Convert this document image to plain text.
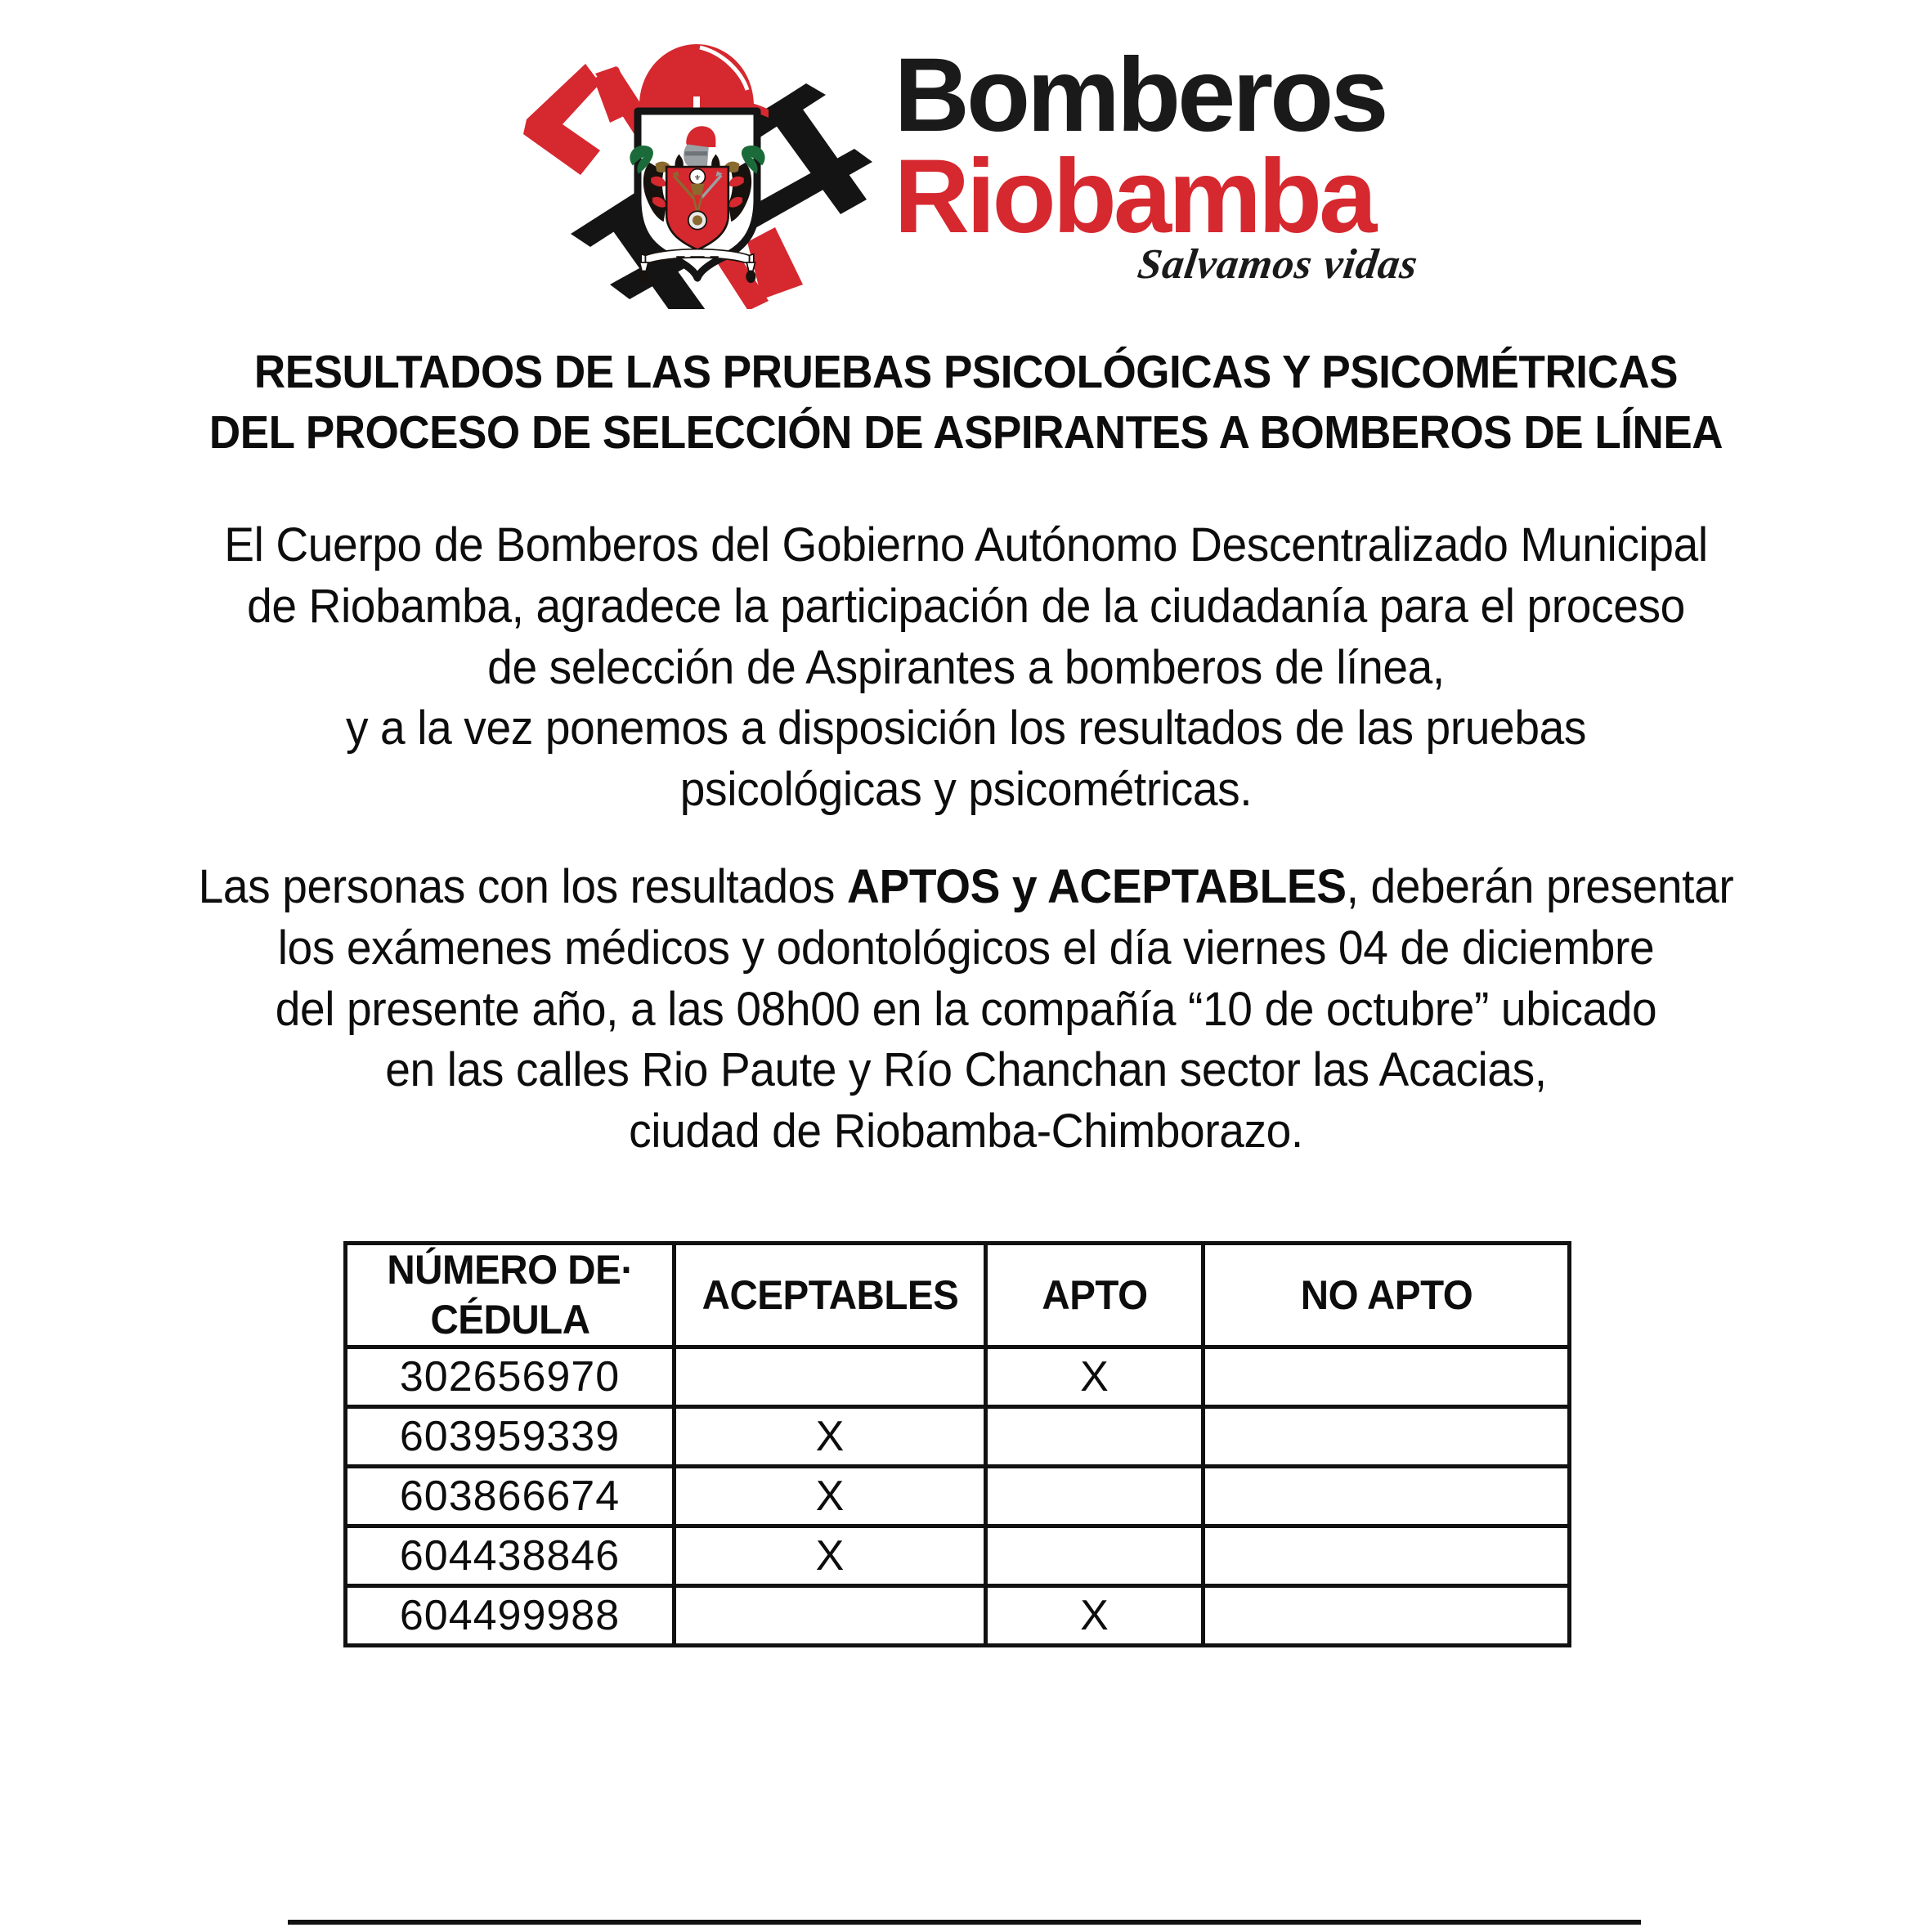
⚜
Bomberos
Riobamba
Salvamos vidas
RESULTADOS DE LAS PRUEBAS PSICOLÓGICAS Y PSICOMÉTRICAS
DEL PROCESO DE SELECCIÓN DE ASPIRANTES A BOMBEROS DE LÍNEA
El Cuerpo de Bomberos del Gobierno Autónomo Descentralizado Municipal
de Riobamba, agradece la participación de la ciudadanía para el proceso
de selección de Aspirantes a bomberos de línea,
y a la vez ponemos a disposición los resultados de las pruebas
psicológicas y psicométricas.
Las personas con los resultados APTOS y ACEPTABLES, deberán presentar
los exámenes médicos y odontológicos el día viernes 04 de diciembre
del presente año, a las 08h00 en la compañía “10 de octubre” ubicado
en las calles Rio Paute y Río Chanchan sector las Acacias,
ciudad de Riobamba-Chimborazo.
NÚMERO DE·
CÉDULA	ACEPTABLES	APTO	NO APTO
302656970		X	
603959339	X		
603866674	X		
604438846	X		
604499988		X	
